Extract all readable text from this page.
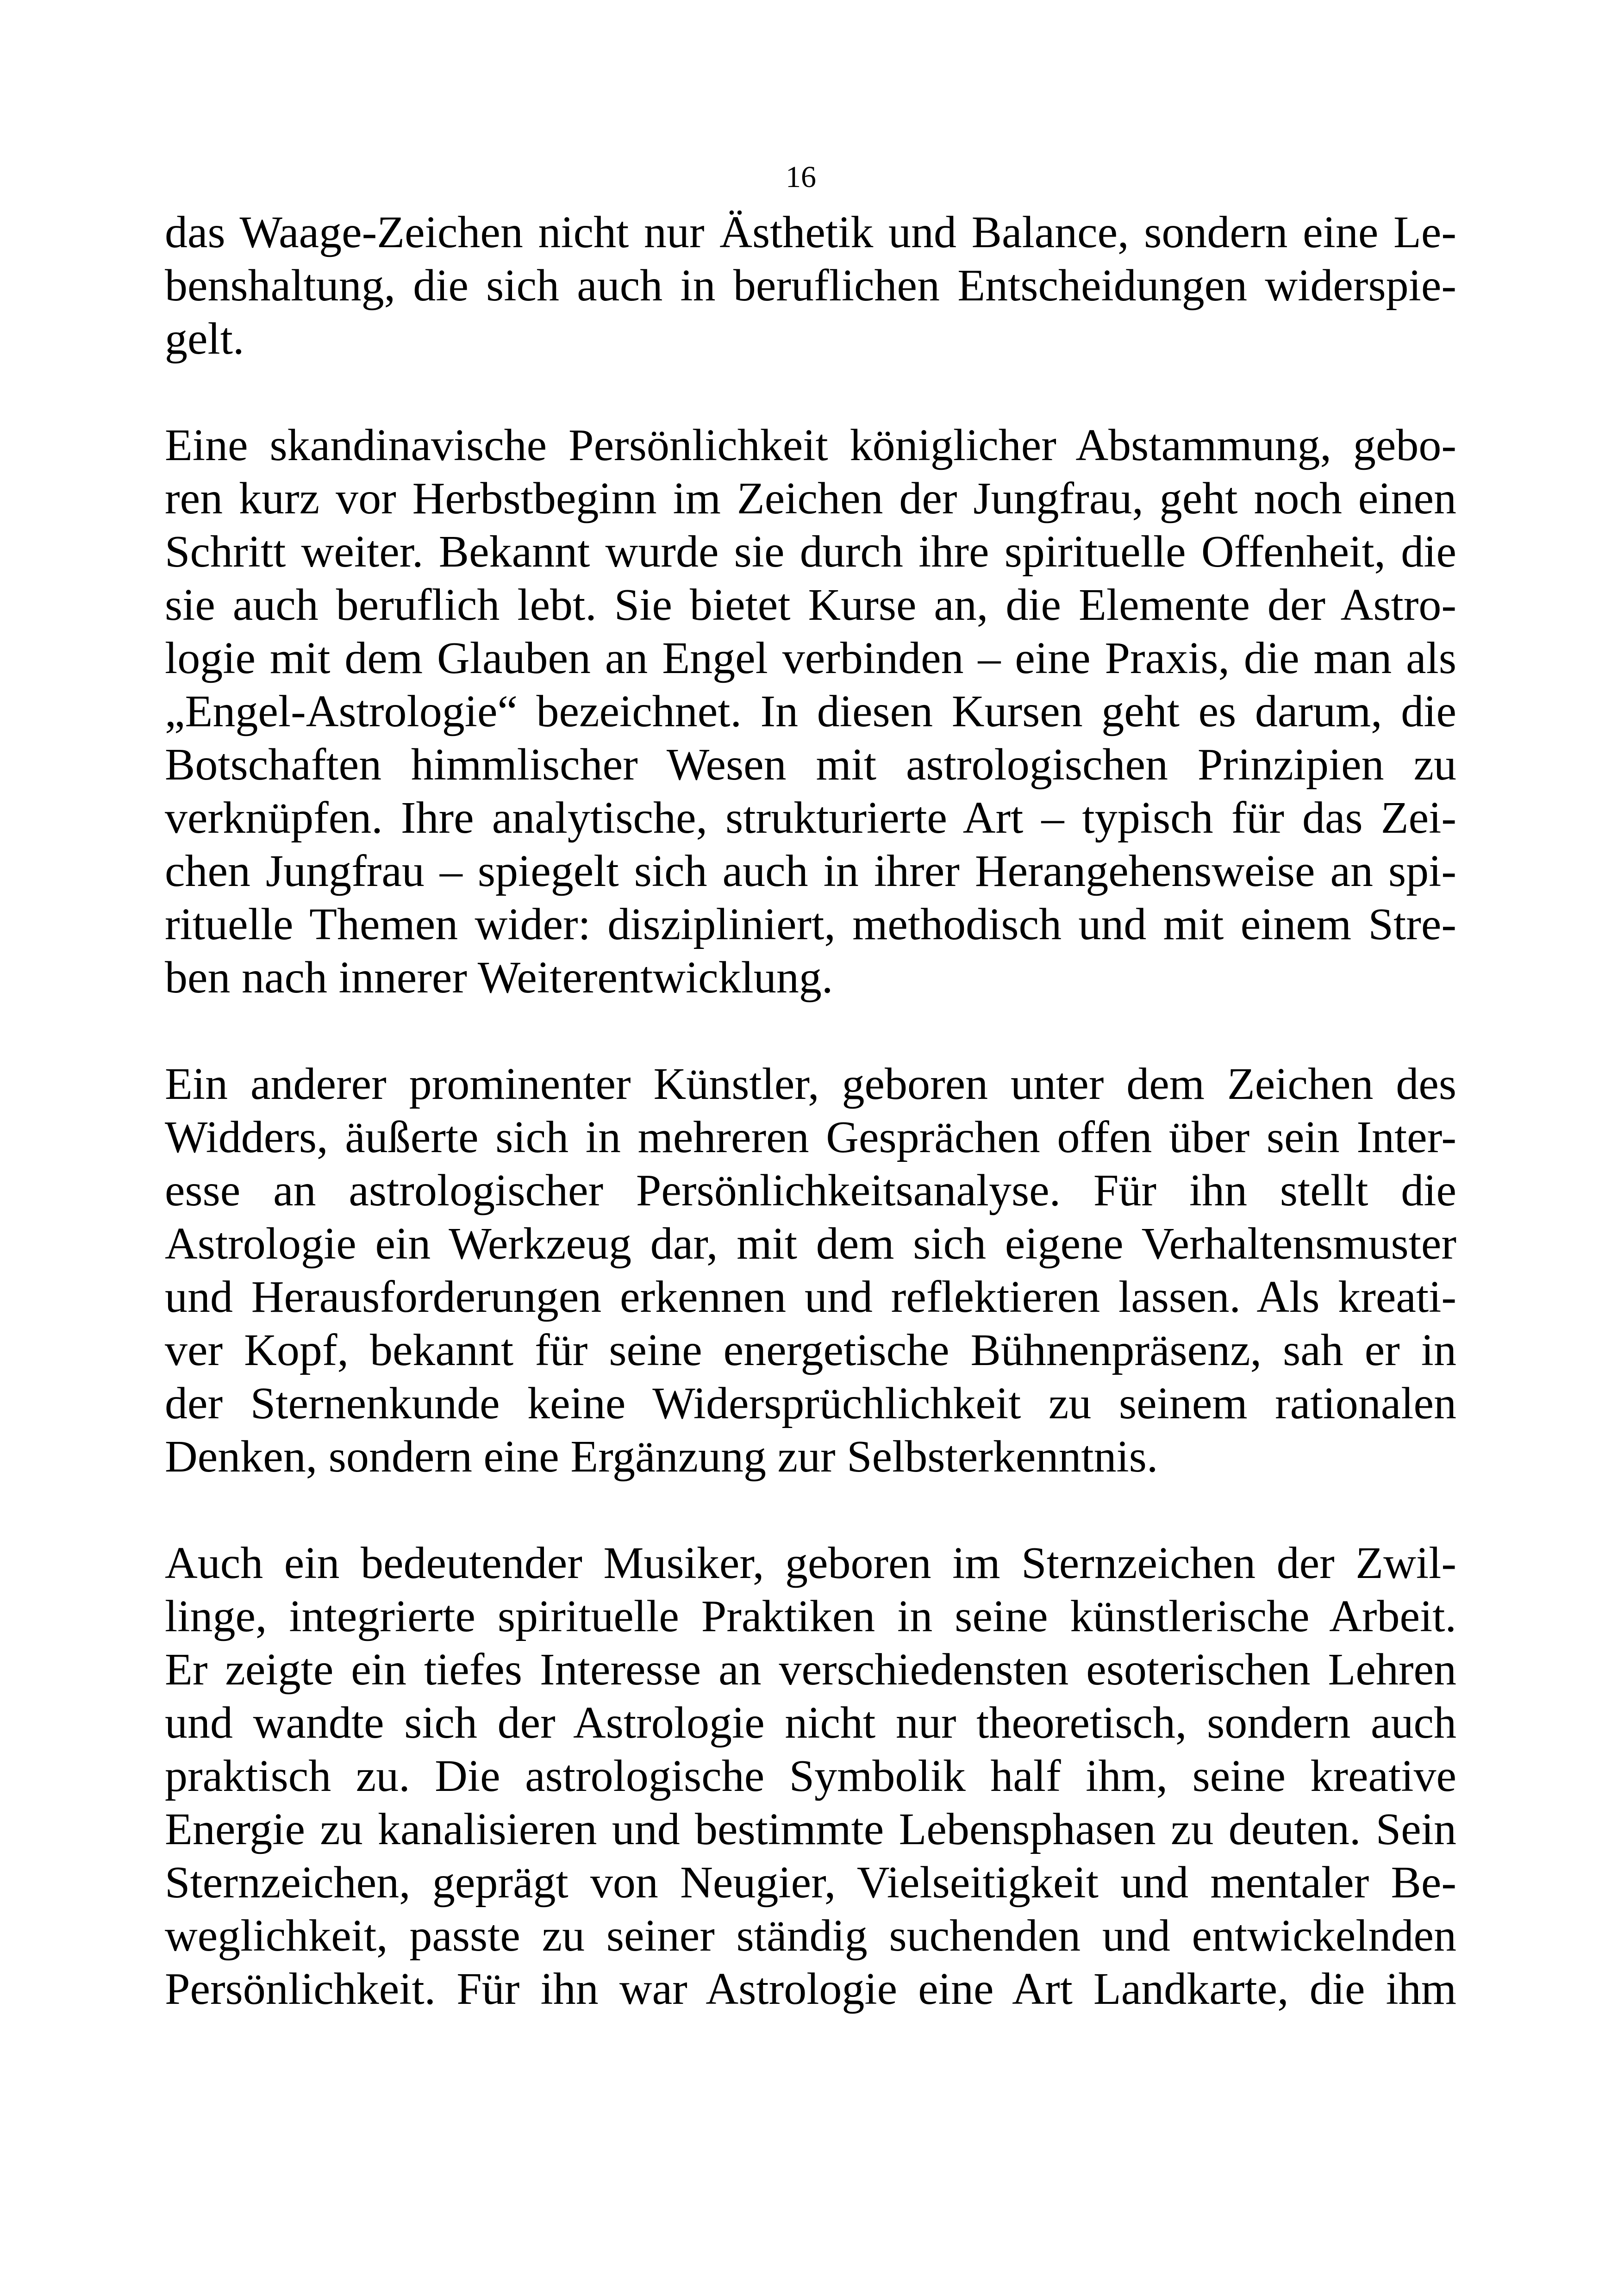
16
das Waage-Zeichen nicht nur Ästhetik und Balance, sondern eine Le-
benshaltung, die sich auch in beruflichen Entscheidungen widerspie-
gelt.
Eine skandinavische Persönlichkeit königlicher Abstammung, gebo-
ren kurz vor Herbstbeginn im Zeichen der Jungfrau, geht noch einen
Schritt weiter. Bekannt wurde sie durch ihre spirituelle Offenheit, die
sie auch beruflich lebt. Sie bietet Kurse an, die Elemente der Astro-
logie mit dem Glauben an Engel verbinden – eine Praxis, die man als
„Engel-Astrologie“ bezeichnet. In diesen Kursen geht es darum, die
Botschaften himmlischer Wesen mit astrologischen Prinzipien zu
verknüpfen. Ihre analytische, strukturierte Art – typisch für das Zei-
chen Jungfrau – spiegelt sich auch in ihrer Herangehensweise an spi-
rituelle Themen wider: diszipliniert, methodisch und mit einem Stre-
ben nach innerer Weiterentwicklung.
Ein anderer prominenter Künstler, geboren unter dem Zeichen des
Widders, äußerte sich in mehreren Gesprächen offen über sein Inter-
esse an astrologischer Persönlichkeitsanalyse. Für ihn stellt die
Astrologie ein Werkzeug dar, mit dem sich eigene Verhaltensmuster
und Herausforderungen erkennen und reflektieren lassen. Als kreati-
ver Kopf, bekannt für seine energetische Bühnenpräsenz, sah er in
der Sternenkunde keine Widersprüchlichkeit zu seinem rationalen
Denken, sondern eine Ergänzung zur Selbsterkenntnis.
Auch ein bedeutender Musiker, geboren im Sternzeichen der Zwil-
linge, integrierte spirituelle Praktiken in seine künstlerische Arbeit.
Er zeigte ein tiefes Interesse an verschiedensten esoterischen Lehren
und wandte sich der Astrologie nicht nur theoretisch, sondern auch
praktisch zu. Die astrologische Symbolik half ihm, seine kreative
Energie zu kanalisieren und bestimmte Lebensphasen zu deuten. Sein
Sternzeichen, geprägt von Neugier, Vielseitigkeit und mentaler Be-
weglichkeit, passte zu seiner ständig suchenden und entwickelnden
Persönlichkeit. Für ihn war Astrologie eine Art Landkarte, die ihm
